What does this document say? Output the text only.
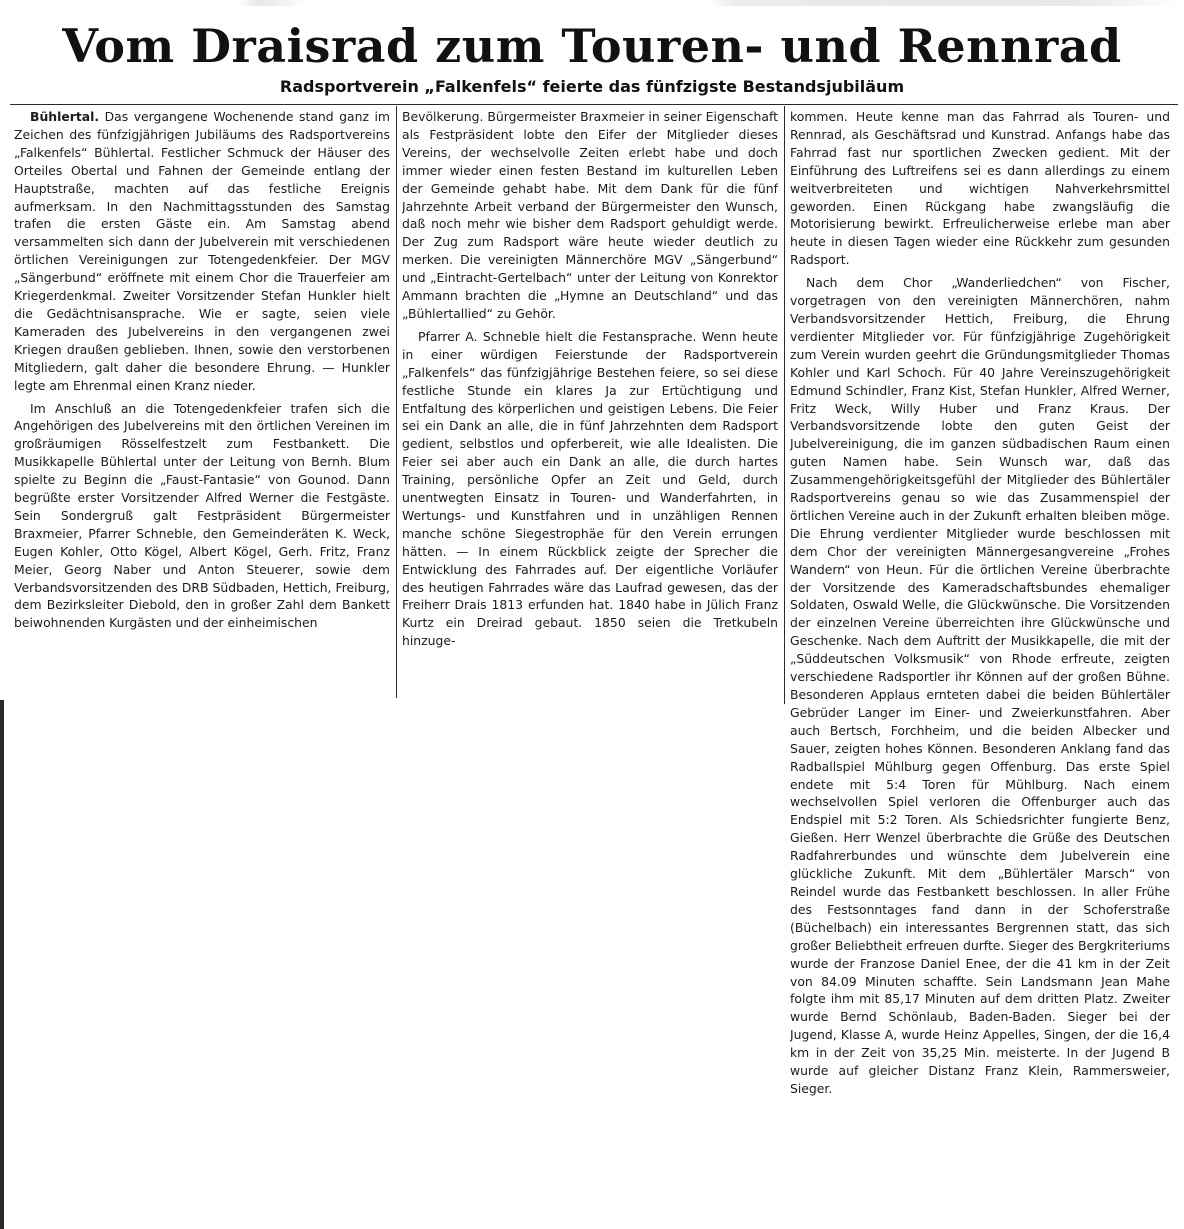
Vom Draisrad zum Touren- und Rennrad
Radsportverein „Falkenfels“ feierte das fünfzigste Bestandsjubiläum

Bühlertal. Das vergangene Wochenende stand ganz im Zeichen des fünfzigjährigen Jubiläums des Radsportvereins „Falkenfels“ Bühlertal. Festlicher Schmuck der Häuser des Orteiles Obertal und Fahnen der Gemeinde entlang der Hauptstraße, machten auf das festliche Ereignis aufmerksam. In den Nachmittagsstunden des Samstag trafen die ersten Gäste ein. Am Samstag abend versammelten sich dann der Jubelverein mit verschiedenen örtlichen Vereinigungen zur Totengedenkfeier. Der MGV „Sängerbund“ eröffnete mit einem Chor die Trauerfeier am Kriegerdenkmal. Zweiter Vorsitzender Stefan Hunkler hielt die Gedächtnisansprache. Wie er sagte, seien viele Kameraden des Jubelvereins in den vergangenen zwei Kriegen draußen geblieben. Ihnen, sowie den verstorbenen Mitgliedern, galt daher die besondere Ehrung. — Hunkler legte am Ehrenmal einen Kranz nieder.

Im Anschluß an die Totengedenkfeier trafen sich die Angehörigen des Jubelvereins mit den örtlichen Vereinen im großräumigen Rösselfestzelt zum Festbankett. Die Musikkapelle Bühlertal unter der Leitung von Bernh. Blum spielte zu Beginn die „Faust-Fantasie“ von Gounod. Dann begrüßte erster Vorsitzender Alfred Werner die Festgäste. Sein Sondergruß galt Festpräsident Bürgermeister Braxmeier, Pfarrer Schneble, den Gemeinderäten K. Weck, Eugen Kohler, Otto Kögel, Albert Kögel, Gerh. Fritz, Franz Meier, Georg Naber und Anton Steuerer, sowie dem Verbandsvorsitzenden des DRB Südbaden, Hettich, Freiburg, dem Bezirksleiter Diebold, den in großer Zahl dem Bankett beiwohnenden Kurgästen und der einheimischen

Bevölkerung. Bürgermeister Braxmeier in seiner Eigenschaft als Festpräsident lobte den Eifer der Mitglieder dieses Vereins, der wechselvolle Zeiten erlebt habe und doch immer wieder einen festen Bestand im kulturellen Leben der Gemeinde gehabt habe. Mit dem Dank für die fünf Jahrzehnte Arbeit verband der Bürgermeister den Wunsch, daß noch mehr wie bisher dem Radsport gehuldigt werde. Der Zug zum Radsport wäre heute wieder deutlich zu merken. Die vereinigten Männerchöre MGV „Sängerbund“ und „Eintracht-Gertelbach“ unter der Leitung von Konrektor Ammann brachten die „Hymne an Deutschland“ und das „Bühlertallied“ zu Gehör.

Pfarrer A. Schneble hielt die Festansprache. Wenn heute in einer würdigen Feierstunde der Radsportverein „Falkenfels“ das fünfzigjährige Bestehen feiere, so sei diese festliche Stunde ein klares Ja zur Ertüchtigung und Entfaltung des körperlichen und geistigen Lebens. Die Feier sei ein Dank an alle, die in fünf Jahrzehnten dem Radsport gedient, selbstlos und opferbereit, wie alle Idealisten. Die Feier sei aber auch ein Dank an alle, die durch hartes Training, persönliche Opfer an Zeit und Geld, durch unentwegten Einsatz in Touren- und Wanderfahrten, in Wertungs- und Kunstfahren und in unzähligen Rennen manche schöne Siegestrophäe für den Verein errungen hätten. — In einem Rückblick zeigte der Sprecher die Entwicklung des Fahrrades auf. Der eigentliche Vorläufer des heutigen Fahrrades wäre das Laufrad gewesen, das der Freiherr Drais 1813 erfunden hat. 1840 habe in Jülich Franz Kurtz ein Dreirad gebaut. 1850 seien die Tretkubeln hinzuge-

kommen. Heute kenne man das Fahrrad als Touren- und Rennrad, als Geschäftsrad und Kunstrad. Anfangs habe das Fahrrad fast nur sportlichen Zwecken gedient. Mit der Einführung des Luftreifens sei es dann allerdings zu einem weitverbreiteten und wichtigen Nahverkehrsmittel geworden. Einen Rückgang habe zwangsläufig die Motorisierung bewirkt. Erfreulicherweise erlebe man aber heute in diesen Tagen wieder eine Rückkehr zum gesunden Radsport.

Nach dem Chor „Wanderliedchen“ von Fischer, vorgetragen von den vereinigten Männerchören, nahm Verbandsvorsitzender Hettich, Freiburg, die Ehrung verdienter Mitglieder vor. Für fünfzigjährige Zugehörigkeit zum Verein wurden geehrt die Gründungsmitglieder Thomas Kohler und Karl Schoch. Für 40 Jahre Vereinszugehörigkeit Edmund Schindler, Franz Kist, Stefan Hunkler, Alfred Werner, Fritz Weck, Willy Huber und Franz Kraus. Der Verbandsvorsitzende lobte den guten Geist der Jubelvereinigung, die im ganzen südbadischen Raum einen guten Namen habe. Sein Wunsch war, daß das Zusammengehörigkeitsgefühl der Mitglieder des Bühlertäler Radsportvereins genau so wie das Zusammenspiel der örtlichen Vereine auch in der Zukunft erhalten bleiben möge. Die Ehrung verdienter Mitglieder wurde beschlossen mit dem Chor der vereinigten Männergesangvereine „Frohes Wandern“ von Heun. Für die örtlichen Vereine überbrachte der Vorsitzende des Kameradschaftsbundes ehemaliger Soldaten, Oswald Welle, die Glückwünsche. Die Vorsitzenden der einzelnen Vereine überreichten ihre Glückwünsche und Geschenke. Nach dem Auftritt der Musikkapelle, die mit der „Süddeutschen Volksmusik“ von Rhode erfreute, zeigten verschiedene Radsportler ihr Können auf der großen Bühne. Besonderen Applaus ernteten dabei die beiden Bühlertäler Gebrüder Langer im Einer- und Zweierkunstfahren. Aber auch Bertsch, Forchheim, und die beiden Albecker und Sauer, zeigten hohes Können. Besonderen Anklang fand das Radballspiel Mühlburg gegen Offenburg. Das erste Spiel endete mit 5:4 Toren für Mühlburg. Nach einem wechselvollen Spiel verloren die Offenburger auch das Endspiel mit 5:2 Toren. Als Schiedsrichter fungierte Benz, Gießen. Herr Wenzel überbrachte die Grüße des Deutschen Radfahrerbundes und wünschte dem Jubelverein eine glückliche Zukunft. Mit dem „Bühlertäler Marsch“ von Reindel wurde das Festbankett beschlossen. In aller Frühe des Festsonntages fand dann in der Schoferstraße (Büchelbach) ein interessantes Bergrennen statt, das sich großer Beliebtheit erfreuen durfte. Sieger des Bergkriteriums wurde der Franzose Daniel Enee, der die 41 km in der Zeit von 84.09 Minuten schaffte. Sein Landsmann Jean Mahe folgte ihm mit 85,17 Minuten auf dem dritten Platz. Zweiter wurde Bernd Schönlaub, Baden-Baden. Sieger bei der Jugend, Klasse A, wurde Heinz Appelles, Singen, der die 16,4 km in der Zeit von 35,25 Min. meisterte. In der Jugend B wurde auf gleicher Distanz Franz Klein, Rammersweier, Sieger.
